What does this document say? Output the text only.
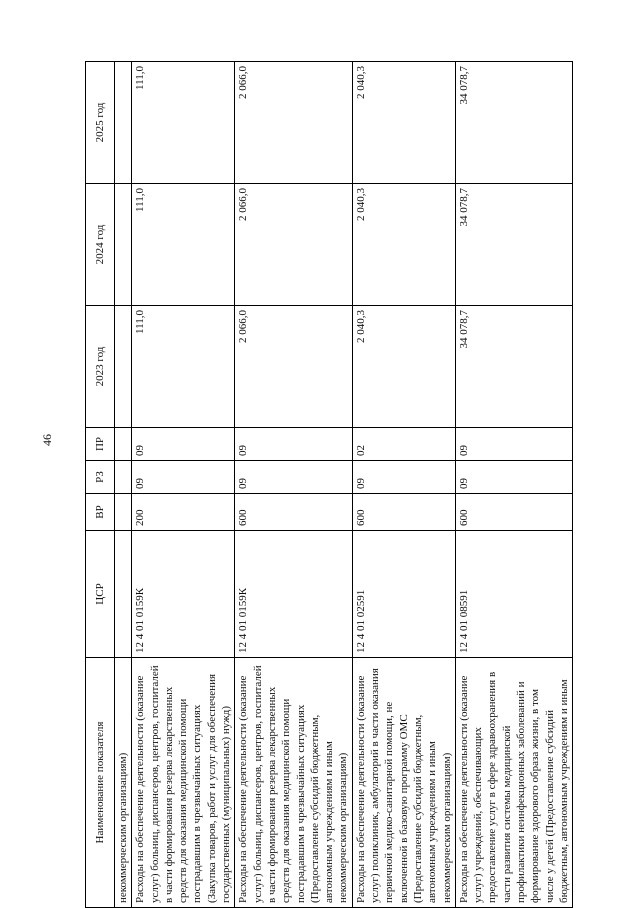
46
Наименование показателя	ЦСР	ВР	РЗ	ПР	2023 год	2024 год	2025 год
некоммерческим организациям)							
Расходы на обеспечение деятельности (оказание услуг) больниц, диспансеров, центров, госпиталей в части формирования резерва лекарственных средств для оказания медицинской помощи пострадавшим в чрезвычайных ситуациях (Закупка товаров, работ и услуг для обеспечения государственных (муниципальных) нужд)	12 4 01 0159К	200	09	09	111,0	111,0	111,0
Расходы на обеспечение деятельности (оказание услуг) больниц, диспансеров, центров, госпиталей в части формирования резерва лекарственных средств для оказания медицинской помощи пострадавшим в чрезвычайных ситуациях (Предоставление субсидий бюджетным, автономным учреждениям и иным некоммерческим организациям)	12 4 01 0159К	600	09	09	2 066,0	2 066,0	2 066,0
Расходы на обеспечение деятельности (оказание услуг) поликлиник, амбулаторий в части оказания первичной медико-санитарной помощи, не включенной в базовую программу ОМС (Предоставление субсидий бюджетным, автономным учреждениям и иным некоммерческим организациям)	12 4 01 02591	600	09	02	2 040,3	2 040,3	2 040,3
Расходы на обеспечение деятельности (оказание услуг) учреждений, обеспечивающих предоставление услуг в сфере здравоохранения в части развития системы медицинской профилактики неинфекционных заболеваний и формирование здорового образа жизни, в том числе у детей (Предоставление субсидий бюджетным, автономным учреждениям и иным	12 4 01 08591	600	09	09	34 078,7	34 078,7	34 078,7
